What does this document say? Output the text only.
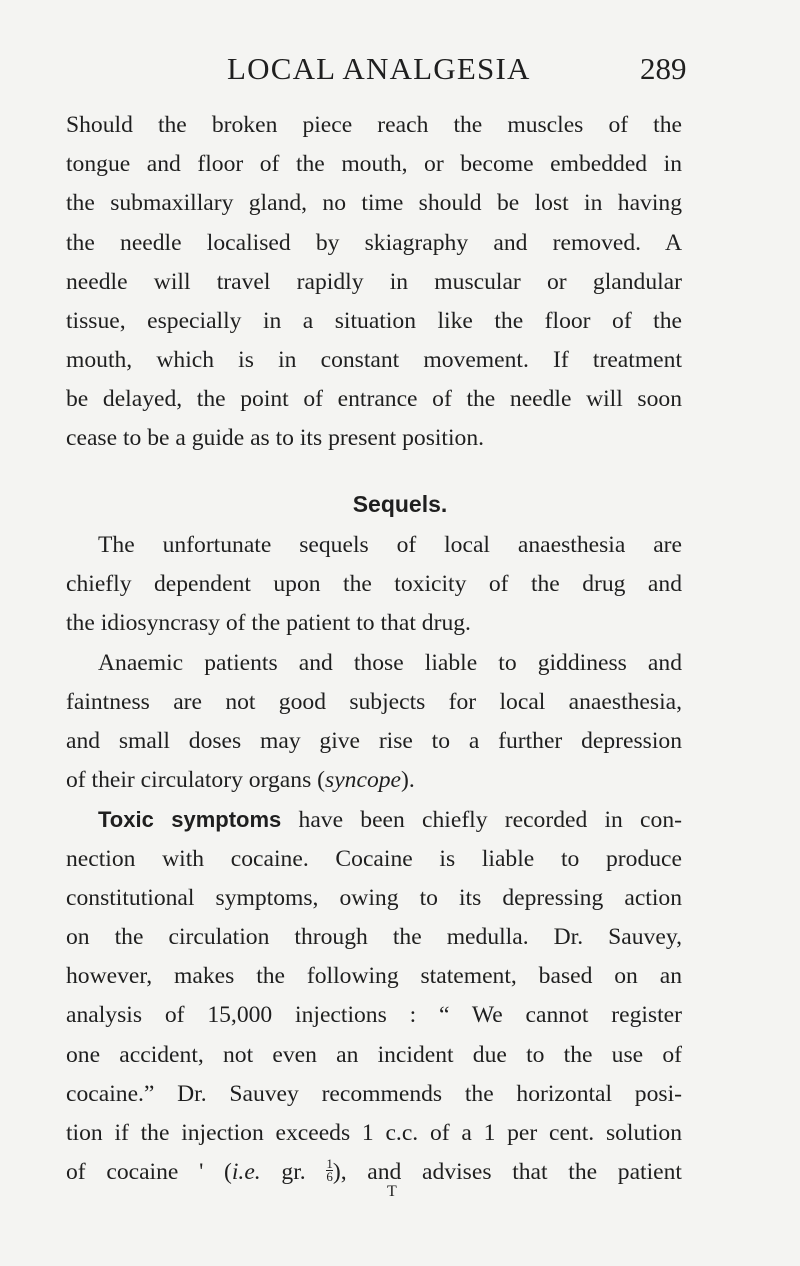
LOCAL ANALGESIA	289
Should the broken piece reach the muscles of the
tongue and floor of the mouth, or become embedded in
the submaxillary gland, no time should be lost in having
the needle localised by skiagraphy and removed. A
needle will travel rapidly in muscular or glandular
tissue, especially in a situation like the floor of the
mouth, which is in constant movement. If treatment
be delayed, the point of entrance of the needle will soon
cease to be a guide as to its present position.
Sequels.
The unfortunate sequels of local anaesthesia are
chiefly dependent upon the toxicity of the drug and
the idiosyncrasy of the patient to that drug.
Anaemic patients and those liable to giddiness and
faintness are not good subjects for local anaesthesia,
and small doses may give rise to a further depression
of their circulatory organs (syncope).
Toxic symptoms have been chiefly recorded in con-
nection with cocaine. Cocaine is liable to produce
constitutional symptoms, owing to its depressing action
on the circulation through the medulla. Dr. Sauvey,
however, makes the following statement, based on an
analysis of 15,000 injections : “ We cannot register
one accident, not even an incident due to the use of
cocaine.” Dr. Sauvey recommends the horizontal posi-
tion if the injection exceeds 1 c.c. of a 1 per cent. solution
of cocaine ' (i.e. gr. $\frac{1}{6}$ ), and advises that the patient
T
